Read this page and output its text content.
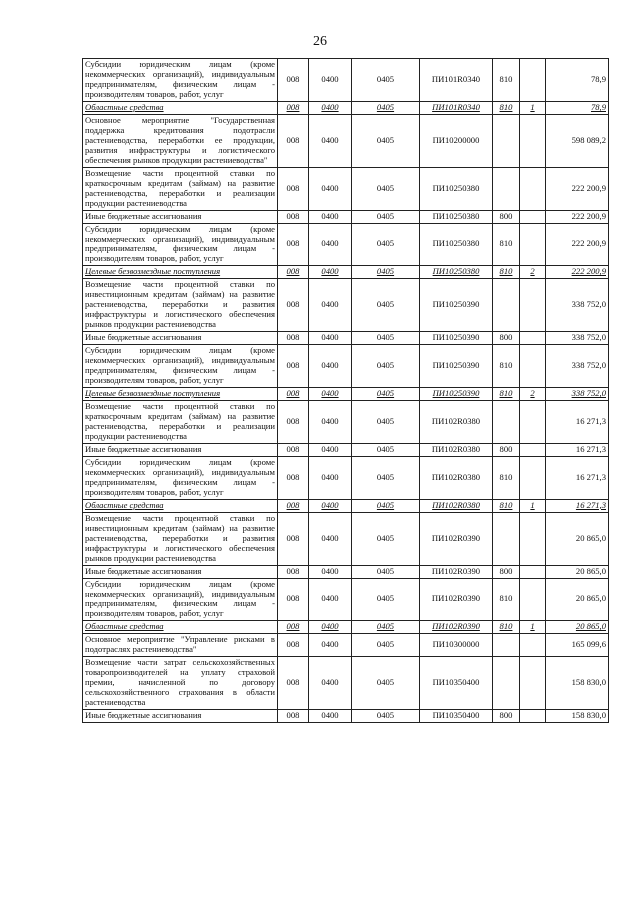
26
Субсидии юридическим лицам (кроме некоммерческих организаций), индивидуальным предпринимателям, физическим лицам - производителям товаров, работ, услуг	008	0400	0405	ПИ101R0340	810		78,9
Областные средства	008	0400	0405	ПИ101R0340	810	1	78,9
Основное мероприятие "Государственная поддержка кредитования подотрасли растениеводства, переработки ее продукции, развития инфраструктуры и логистического обеспечения рынков продукции растениеводства"	008	0400	0405	ПИ10200000			598 089,2
Возмещение части процентной ставки по краткосрочным кредитам (займам) на развитие растениеводства, переработки и реализации продукции растениеводства	008	0400	0405	ПИ10250380			222 200,9
Иные бюджетные ассигнования	008	0400	0405	ПИ10250380	800		222 200,9
Субсидии юридическим лицам (кроме некоммерческих организаций), индивидуальным предпринимателям, физическим лицам - производителям товаров, работ, услуг	008	0400	0405	ПИ10250380	810		222 200,9
Целевые безвозмездные поступления	008	0400	0405	ПИ10250380	810	2	222 200,9
Возмещение части процентной ставки по инвестиционным кредитам (займам) на развитие растениеводства, переработки и развития инфраструктуры и логистического обеспечения рынков продукции растениеводства	008	0400	0405	ПИ10250390			338 752,0
Иные бюджетные ассигнования	008	0400	0405	ПИ10250390	800		338 752,0
Субсидии юридическим лицам (кроме некоммерческих организаций), индивидуальным предпринимателям, физическим лицам - производителям товаров, работ, услуг	008	0400	0405	ПИ10250390	810		338 752,0
Целевые безвозмездные поступления	008	0400	0405	ПИ10250390	810	2	338 752,0
Возмещение части процентной ставки по краткосрочным кредитам (займам) на развитие растениеводства, переработки и реализации продукции растениеводства	008	0400	0405	ПИ102R0380			16 271,3
Иные бюджетные ассигнования	008	0400	0405	ПИ102R0380	800		16 271,3
Субсидии юридическим лицам (кроме некоммерческих организаций), индивидуальным предпринимателям, физическим лицам - производителям товаров, работ, услуг	008	0400	0405	ПИ102R0380	810		16 271,3
Областные средства	008	0400	0405	ПИ102R0380	810	1	16 271,3
Возмещение части процентной ставки по инвестиционным кредитам (займам) на развитие растениеводства, переработки и развития инфраструктуры и логистического обеспечения рынков продукции растениеводства	008	0400	0405	ПИ102R0390			20 865,0
Иные бюджетные ассигнования	008	0400	0405	ПИ102R0390	800		20 865,0
Субсидии юридическим лицам (кроме некоммерческих организаций), индивидуальным предпринимателям, физическим лицам - производителям товаров, работ, услуг	008	0400	0405	ПИ102R0390	810		20 865,0
Областные средства	008	0400	0405	ПИ102R0390	810	1	20 865,0
Основное мероприятие "Управление рисками в подотраслях растениеводства"	008	0400	0405	ПИ10300000			165 099,6
Возмещение части затрат сельскохозяйственных товаропроизводителей на уплату страховой премии, начисленной по договору сельскохозяйственного страхования в области растениеводства	008	0400	0405	ПИ10350400			158 830,0
Иные бюджетные ассигнования	008	0400	0405	ПИ10350400	800		158 830,0
